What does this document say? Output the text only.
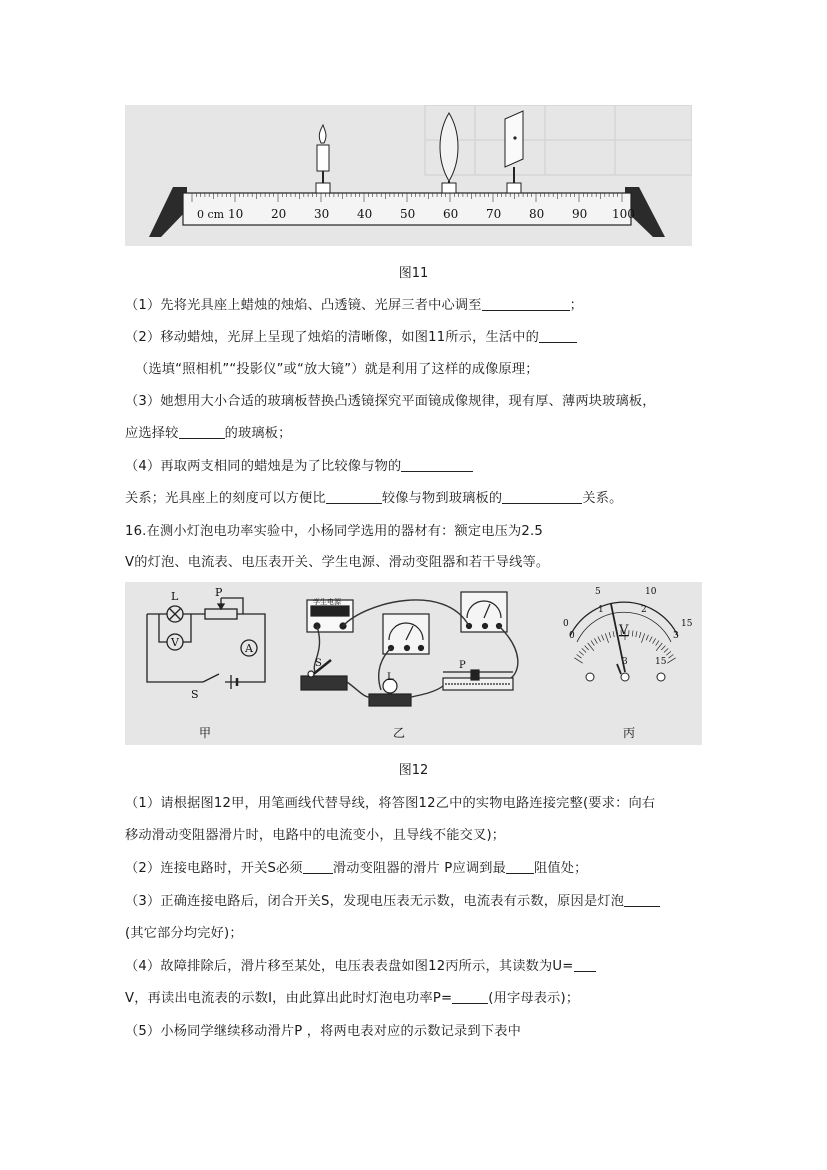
10 20 30 40 50 60 70 80 90 100
0 cm
图11
（1）先将光具座上蜡烛的烛焰、凸透镜、光屏三者中心调至	；
（2）移动蜡烛，光屏上呈现了烛焰的清晰像，如图11所示，生活中的
（选填“照相机”“投影仪”或“放大镜”）就是利用了这样的成像原理；
（3）她想用大小合适的玻璃板替换凸透镜探究平面镜成像规律，现有厚、薄两块玻璃板，
应选择较	的玻璃板；
（4）再取两支相同的蜡烛是为了比较像与物的
关系；光具座上的刻度可以方便比	较像与物到玻璃板的	关系。
16.在测小灯泡电功率实验中，小杨同学选用的器材有：额定电压为2.5
V的灯泡、电流表、电压表开关、学生电源、滑动变阻器和若干导线等。
L	P
V	A
S
甲
学生电源
S
L
P
乙
0
5	10
15
0
1	2
3
V
3	15
丙
图12
（1）请根据图12甲，用笔画线代替导线，将答图12乙中的实物电路连接完整(要求：向右
移动滑动变阻器滑片时，电路中的电流变小，且导线不能交叉)；
（2）连接电路时，开关S必须 滑动变阻器的滑片 P应调到最 阻值处；
（3）正确连接电路后，闭合开关S，发现电压表无示数，电流表有示数，原因是灯泡
(其它部分均完好)；
（4）故障排除后，滑片移至某处，电压表表盘如图12丙所示，其读数为U=
V，再读出电流表的示数I，由此算出此时灯泡电功率P=	(用字母表示)；
（5）小杨同学继续移动滑片P ，将两电表对应的示数记录到下表中
